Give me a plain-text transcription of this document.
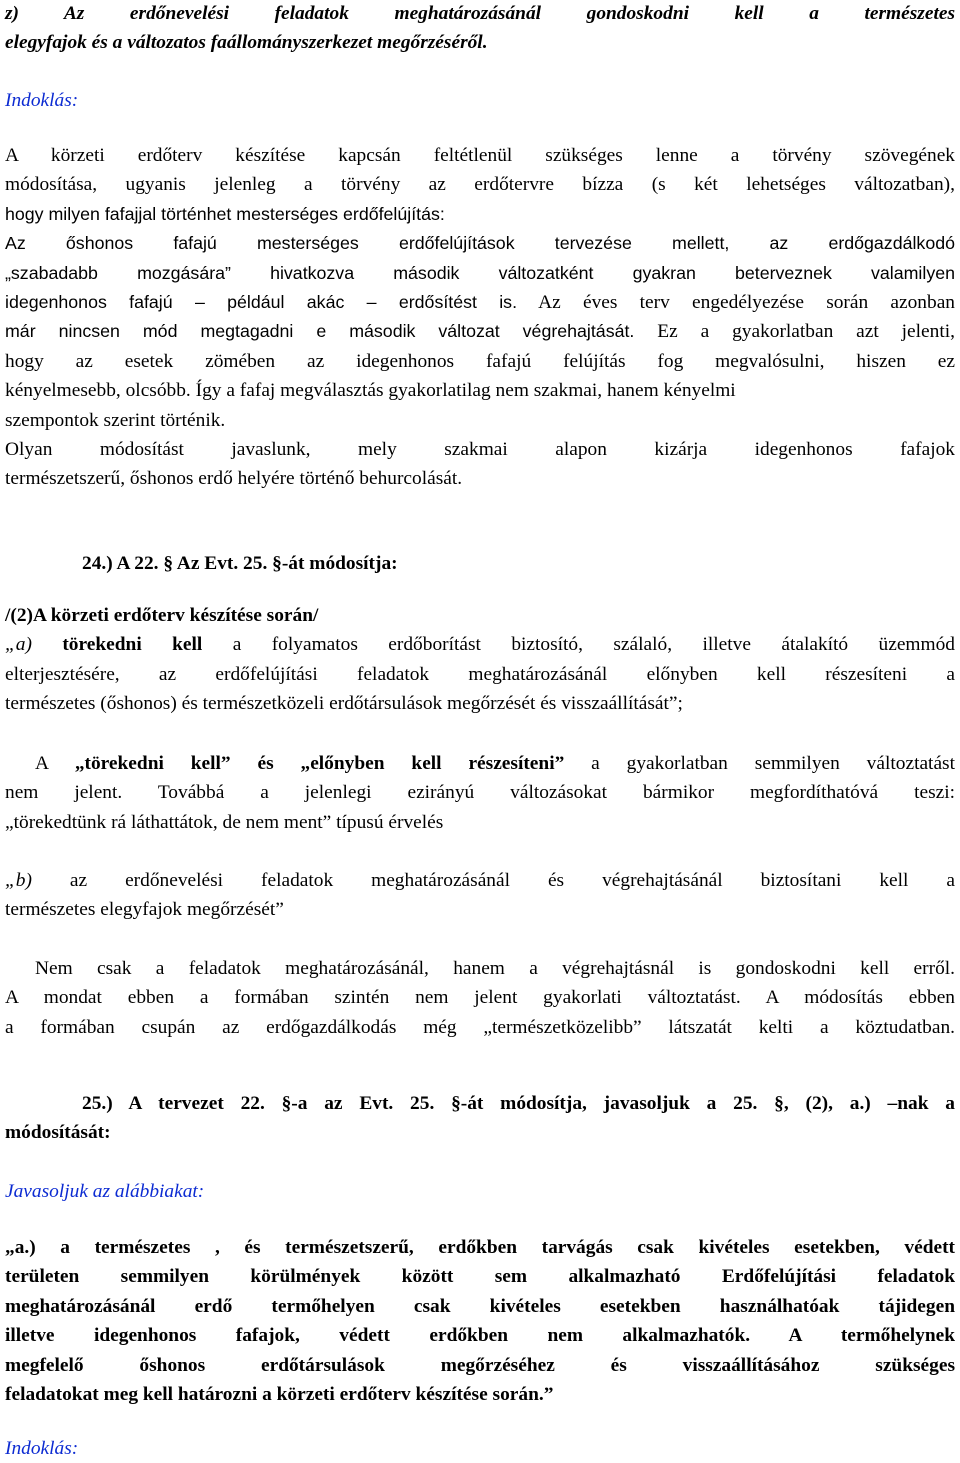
z) Az erdőnevelési feladatok meghatározásánál gondoskodni kell a természetes

elegyfajok és a változatos faállományszerkezet megőrzéséről.

Indoklás:

A körzeti erdőterv készítése kapcsán feltétlenül szükséges lenne a törvény szövegének

módosítása, ugyanis jelenleg a törvény az erdőtervre bízza (s két lehetséges változatban),

hogy milyen fafajjal történhet mesterséges erdőfelújítás:

Az őshonos fafajú mesterséges erdőfelújítások tervezése mellett, az erdőgazdálkodó

„szabadabb mozgására” hivatkozva második változatként gyakran beterveznek valamilyen

idegenhonos fafajú – például akác – erdősítést is. Az éves terv engedélyezése során azonban

már nincsen mód megtagadni e második változat végrehajtását. Ez a gyakorlatban azt jelenti,

hogy az esetek zömében az idegenhonos fafajú felújítás fog megvalósulni, hiszen ez

kényelmesebb, olcsóbb. Így a fafaj megválasztás gyakorlatilag nem szakmai, hanem kényelmi

szempontok szerint történik.

Olyan módosítást javaslunk, mely szakmai alapon kizárja idegenhonos fafajok

természetszerű, őshonos erdő helyére történő behurcolását.

24.) A 22. § Az Evt. 25. §-át módosítja:

/(2)A körzeti erdőterv készítése során/

„a) törekedni kell a folyamatos erdőborítást biztosító, szálaló, illetve átalakító üzemmód

elterjesztésére, az erdőfelújítási feladatok meghatározásánál előnyben kell részesíteni a

természetes (őshonos) és természetközeli erdőtársulások megőrzését és visszaállítását”;

A „törekedni kell” és „előnyben kell részesíteni” a gyakorlatban semmilyen változtatást

nem jelent. Továbbá a jelenlegi ezirányú változásokat bármikor megfordíthatóvá teszi:

„törekedtünk rá láthattátok, de nem ment” típusú érvelés

„b) az erdőnevelési feladatok meghatározásánál és végrehajtásánál biztosítani kell a

természetes elegyfajok megőrzését”

Nem csak a feladatok meghatározásánál, hanem a végrehajtásnál is gondoskodni kell erről.

A mondat ebben a formában szintén nem jelent gyakorlati változtatást. A módosítás ebben

a formában csupán az erdőgazdálkodás még „természetközelibb” látszatát kelti a köztudatban.

25.) A tervezet 22. §-a az Evt. 25. §-át módosítja, javasoljuk a 25. §, (2), a.) –nak a

módosítását:

Javasoljuk az alábbiakat:

„a.) a természetes , és természetszerű, erdőkben tarvágás csak kivételes esetekben, védett

területen semmilyen körülmények között sem alkalmazható Erdőfelújítási feladatok

meghatározásánál erdő termőhelyen csak kivételes esetekben használhatóak tájidegen

illetve idegenhonos fafajok, védett erdőkben nem alkalmazhatók. A termőhelynek

megfelelő őshonos erdőtársulások megőrzéséhez és visszaállításához szükséges

feladatokat meg kell határozni a körzeti erdőterv készítése során.”

Indoklás:
